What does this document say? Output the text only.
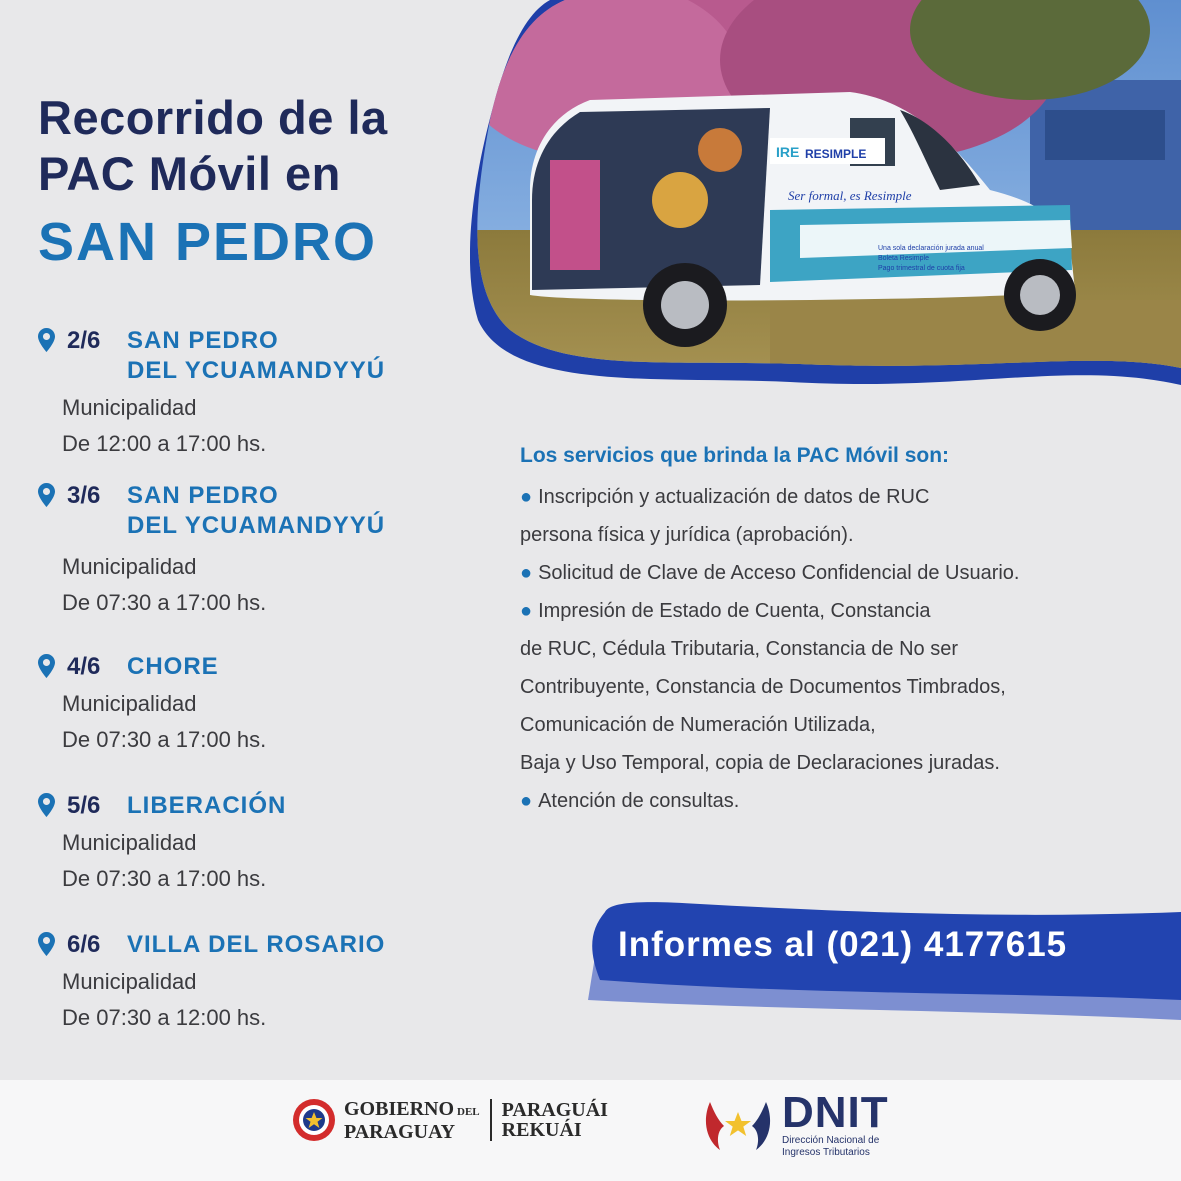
Recorrido de la
PAC Móvil en
SAN PEDRO
IRE RESIMPLE
Ser formal, es Resimple
Una sola declaración jurada anual
Boleta Resimple
Pago trimestral de cuota fija
2/6	SAN PEDRO
DEL YCUAMANDYYÚ
Municipalidad
De 12:00 a 17:00 hs.
3/6	SAN PEDRO
DEL YCUAMANDYYÚ
Municipalidad
De 07:30 a 17:00 hs.
4/6	CHORE
Municipalidad
De 07:30 a 17:00 hs.
5/6	LIBERACIÓN
Municipalidad
De 07:30 a 17:00 hs.
6/6	VILLA DEL ROSARIO
Municipalidad
De 07:30 a 12:00 hs.
Los servicios que brinda la PAC Móvil son:
● Inscripción y actualización de datos de RUC
persona física y jurídica (aprobación).
● Solicitud de Clave de Acceso Confidencial de Usuario.
● Impresión de Estado de Cuenta, Constancia
de RUC, Cédula Tributaria, Constancia de No ser
Contribuyente, Constancia de Documentos Timbrados,
Comunicación de Numeración Utilizada,
Baja y Uso Temporal, copia de Declaraciones juradas.
● Atención de consultas.
Informes al (021) 4177615
GOBIERNO DEL
PARAGUAY
PARAGUÁI
REKUÁI	DNIT
Dirección Nacional de
Ingresos Tributarios
